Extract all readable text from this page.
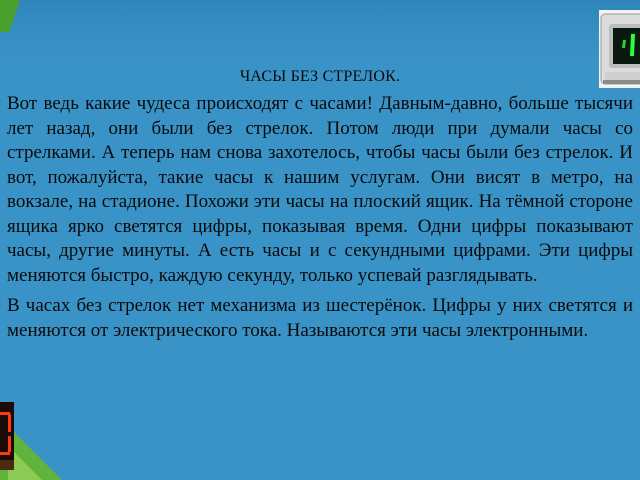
ЧАСЫ БЕЗ СТРЕЛОК.

Вот ведь какие чудеса происходят с часами! Давным-давно, больше тысячи лет назад, они были без стрелок. Потом люди при думали часы со стрелками. А теперь нам снова захотелось, чтобы часы были без стрелок. И вот, пожалуйста, такие часы к нашим услугам. Они висят в метро, на вокзале, на стадионе. Похожи эти часы на плоский ящик. На тёмной стороне ящика ярко светятся цифры, показывая время. Одни цифры показывают часы, другие минуты. А есть часы и с секундными цифрами. Эти цифры меняются быстро, каждую секунду, только успевай разглядывать.

В часах без стрелок нет механизма из шестерёнок. Цифры у них светятся и меняются от электрического тока. Называются эти часы электронными.
